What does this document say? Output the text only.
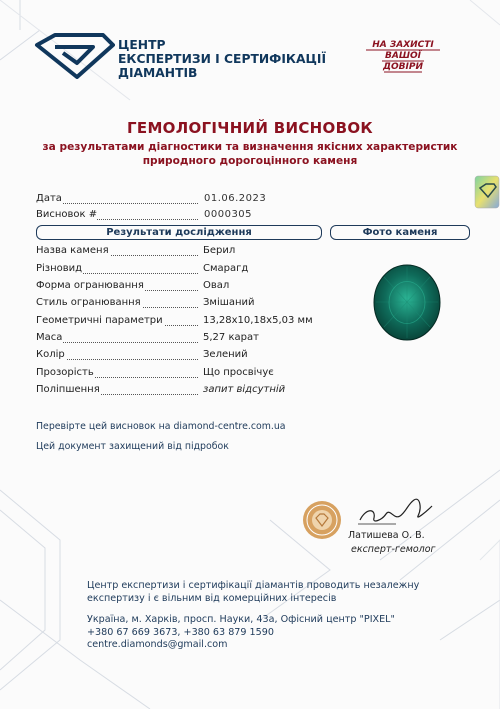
ЦЕНТР
ЕКСПЕРТИЗИ І СЕРТИФІКАЦІЇ
ДІАМАНТІВ
НА ЗАХИСТІ
ВАШОЇ
ДОВІРИ
ГЕМОЛОГІЧНИЙ ВИСНОВОК
за результатами діагностики та визначення якісних характеристик
природного дорогоцінного каменя
Дата	01.06.2023
Висновок #	0000305
Результати дослідження	Фото каменя
Назва каменя	Берил
Різновид	Смарагд
Форма огранювання	Овал
Стиль огранювання	Змішаний
Геометричні параметри	13,28х10,18х5,03 мм
Маса	5,27 карат
Колір	Зелений
Прозорість	Що просвічує
Поліпшення	запит відсутній
Перевірте цей висновок на diamond-centre.com.ua
Цей документ захищений від підробок
Латишева О. В.
експерт-гемолог
Центр експертизи і сертифікації діамантів проводить незалежну
експертизу і є вільним від комерційних інтересів
Україна, м. Харків, просп. Науки, 43а, Офісний центр "PIXEL"
+380 67 669 3673, +380 63 879 1590
centre.diamonds@gmail.com
